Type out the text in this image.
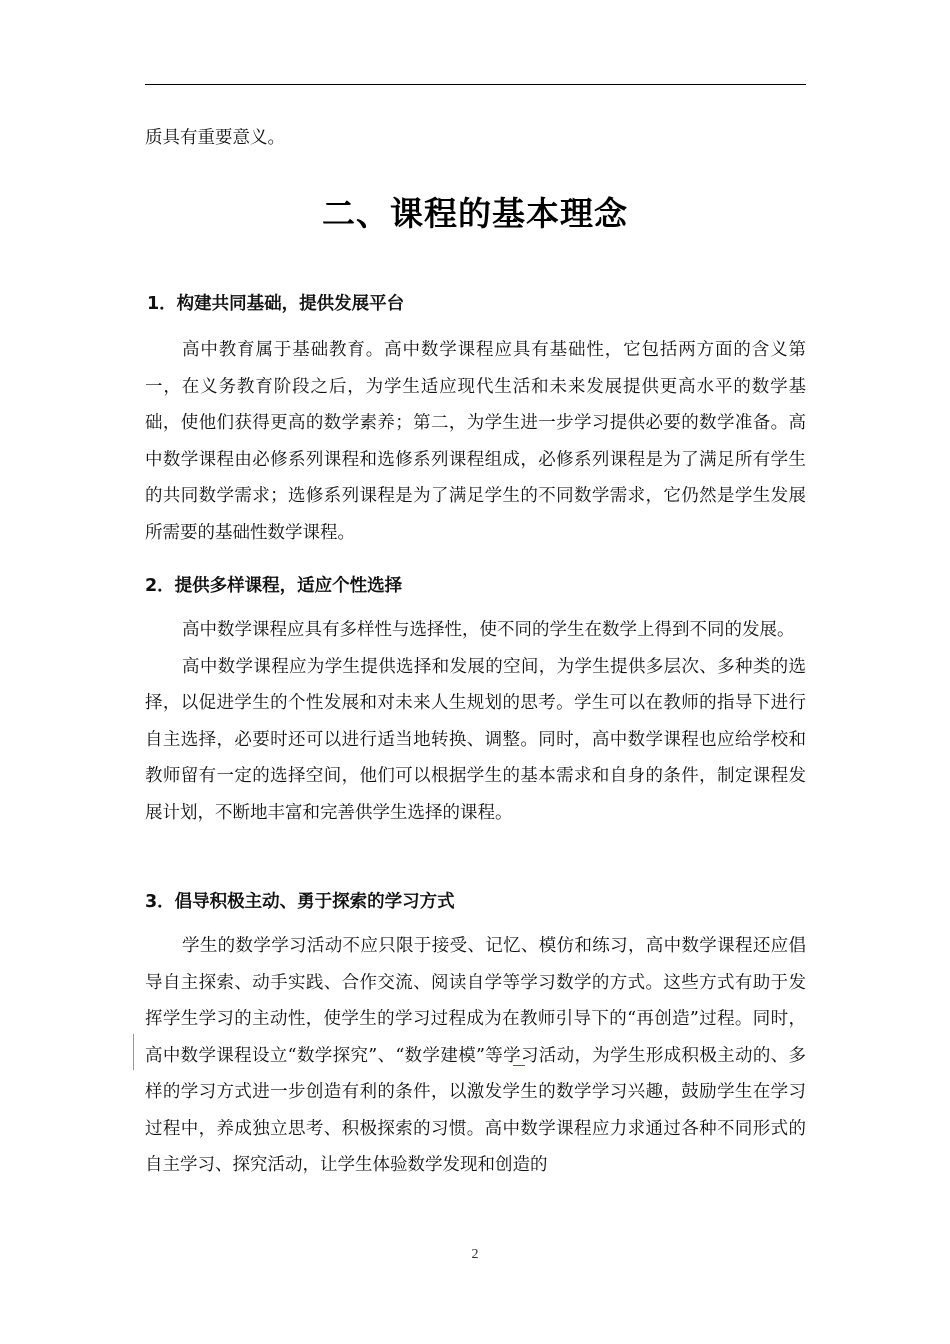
质具有重要意义。

二、课程的基本理念
1．构建共同基础，提供发展平台

高中教育属于基础教育。高中数学课程应具有基础性，它包括两方面的含义第一，在义务教育阶段之后，为学生适应现代生活和未来发展提供更高水平的数学基础，使他们获得更高的数学素养；第二，为学生进一步学习提供必要的数学准备。高中数学课程由必修系列课程和选修系列课程组成，必修系列课程是为了满足所有学生的共同数学需求；选修系列课程是为了满足学生的不同数学需求，它仍然是学生发展所需要的基础性数学课程。

2．提供多样课程，适应个性选择

高中数学课程应具有多样性与选择性，使不同的学生在数学上得到不同的发展。

高中数学课程应为学生提供选择和发展的空间，为学生提供多层次、多种类的选择，以促进学生的个性发展和对未来人生规划的思考。学生可以在教师的指导下进行自主选择，必要时还可以进行适当地转换、调整。同时，高中数学课程也应给学校和教师留有一定的选择空间，他们可以根据学生的基本需求和自身的条件，制定课程发展计划，不断地丰富和完善供学生选择的课程。

3．倡导积极主动、勇于探索的学习方式

学生的数学学习活动不应只限于接受、记忆、模仿和练习，高中数学课程还应倡导自主探索、动手实践、合作交流、阅读自学等学习数学的方式。这些方式有助于发挥学生学习的主动性，使学生的学习过程成为在教师引导下的“再创造”过程。同时，高中数学课程设立“数学探究”、“数学建模”等学习活动，为学生形成积极主动的、多样的学习方式进一步创造有利的条件，以激发学生的数学学习兴趣，鼓励学生在学习过程中，养成独立思考、积极探索的习惯。高中数学课程应力求通过各种不同形式的自主学习、探究活动，让学生体验数学发现和创造的

2
